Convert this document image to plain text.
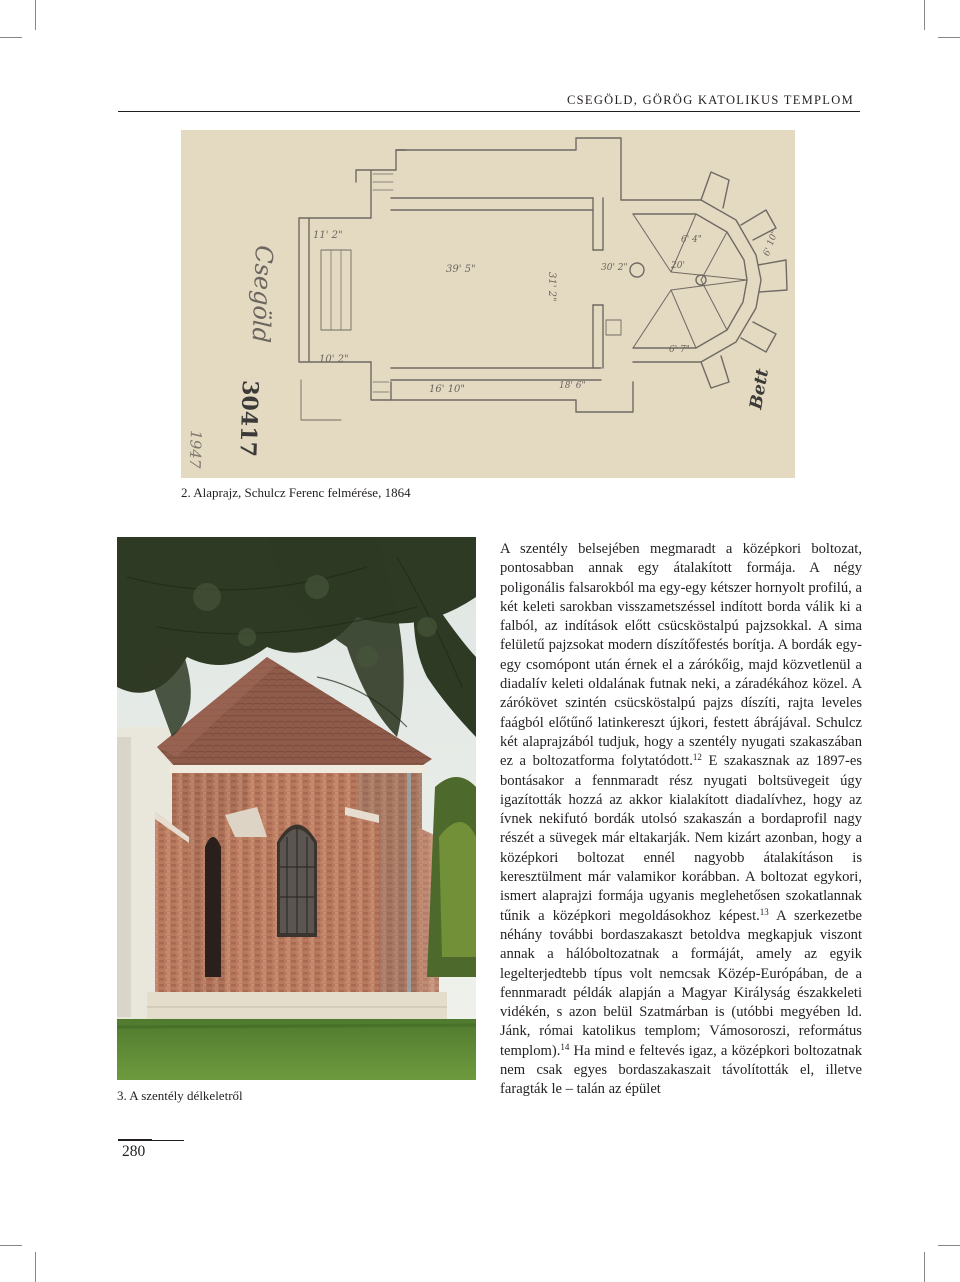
CSEGÖLD, GÖRÖG KATOLIKUS TEMPLOM
Csegöld
30417
1947
Bett
11' 2"
39' 5"
31' 2"
30' 2"	20'
6' 4"	6' 10"
10' 2"
16' 10"	18' 6"
6' 7"
2. Alaprajz, Schulcz Ferenc felmérése, 1864
3. A szentély délkeletről

A szentély belsejében megmaradt a középkori boltozat, pontosabban annak egy átalakított formája. A négy poligonális falsarokból ma egy-egy kétszer hornyolt profilú, a két keleti sarokban visszametszéssel indított borda válik ki a falból, az indítások előtt csücsköstalpú pajzsokkal. A sima felületű pajzsokat modern díszítőfestés borítja. A bordák egy-egy csomópont után érnek el a zárókőig, majd közvetlenül a diadalív keleti oldalának futnak neki, a záradékához közel. A zárókövet szintén csücsköstalpú pajzs díszíti, rajta leveles faágból előtűnő latinkereszt újkori, festett ábrájával. Schulcz két alaprajzából tudjuk, hogy a szentély nyugati szakaszában ez a boltozatforma folytatódott.$^{12}$ E szakasznak az 1897-es bontásakor a fennmaradt rész nyugati boltsüvegeit úgy igazították hozzá az akkor kialakított diadalívhez, hogy az ívnek nekifutó bordák utolsó szakaszán a bordaprofil nagy részét a süvegek már eltakarják. Nem kizárt azonban, hogy a középkori boltozat ennél nagyobb átalakításon is keresztülment már valamikor korábban. A boltozat egykori, ismert alaprajzi formája ugyanis meglehetősen szokatlannak tűnik a középkori megoldásokhoz képest.$^{13}$ A szerkezetbe néhány további bordaszakaszt betoldva megkapjuk viszont annak a hálóboltozatnak a formáját, amely az egyik legelterjedtebb típus volt nemcsak Közép-Európában, de a fennmaradt példák alapján a Magyar Királyság északkeleti vidékén, s azon belül Szatmárban is (utóbbi megyében ld. Jánk, római katolikus templom; Vámosoroszi, református templom).$^{14}$ Ha mind e feltevés igaz, a középkori boltozatnak nem csak egyes bordaszakaszait távolították el, illetve faragták le – talán az épület

280
